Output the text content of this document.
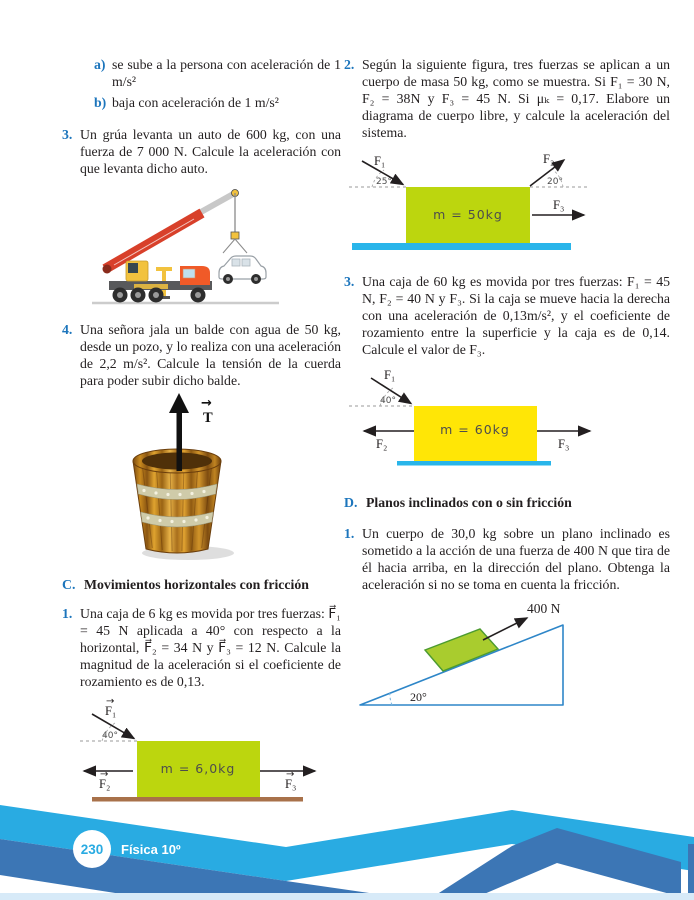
a) se sube a la persona con aceleración de 1 m/s²
b) baja con aceleración de 1 m/s²
3. Un grúa levanta un auto de 600 kg, con una fuerza de 7 000 N. Calcule la aceleración con que levanta dicho auto.
4. Una señora jala un balde con agua de 50 kg, desde un pozo, y lo realiza con una aceleración de 2,2 m/s². Calcule la tensión de la cuerda para poder subir dicho balde.
→
T
C. Movimientos horizontales con fricción
1. Una caja de 6 kg es movida por tres fuerzas: F⃗₁ = 45 N aplicada a 40° con respecto a la horizontal, F⃗₂ = 34 N y F⃗₃ = 12 N. Calcule la magnitud de la aceleración si el coeficiente de rozamiento es de 0,13.
→
F₁
40°
→
F₂
→
F₃
m = 6,0kg
2. Según la siguiente figura, tres fuerzas se aplican a un cuerpo de masa 50 kg, como se muestra. Si F₁ = 30 N, F₂ = 38N y F₃ = 45 N. Si μₖ = 0,17. Elabore un diagrama de cuerpo libre, y calcule la aceleración del sistema.
F₁
25°
F₂
20°
F₃
m = 50kg
3. Una caja de 60 kg es movida por tres fuerzas: F₁ = 45 N, F₂ = 40 N y F₃. Si la caja se mueve hacia la derecha con una aceleración de 0,13m/s², y el coeficiente de rozamiento entre la superficie y la caja es de 0,14. Calcule el valor de F₃.
F₁
40°
F₂	F₃
m = 60kg
D. Planos inclinados con o sin fricción
1. Un cuerpo de 30,0 kg sobre un plano inclinado es sometido a la acción de una fuerza de 400 N que tira de él hacia arriba, en la dirección del plano. Obtenga la aceleración si no se toma en cuenta la fricción.
400 N
20°
230 Física 10º
